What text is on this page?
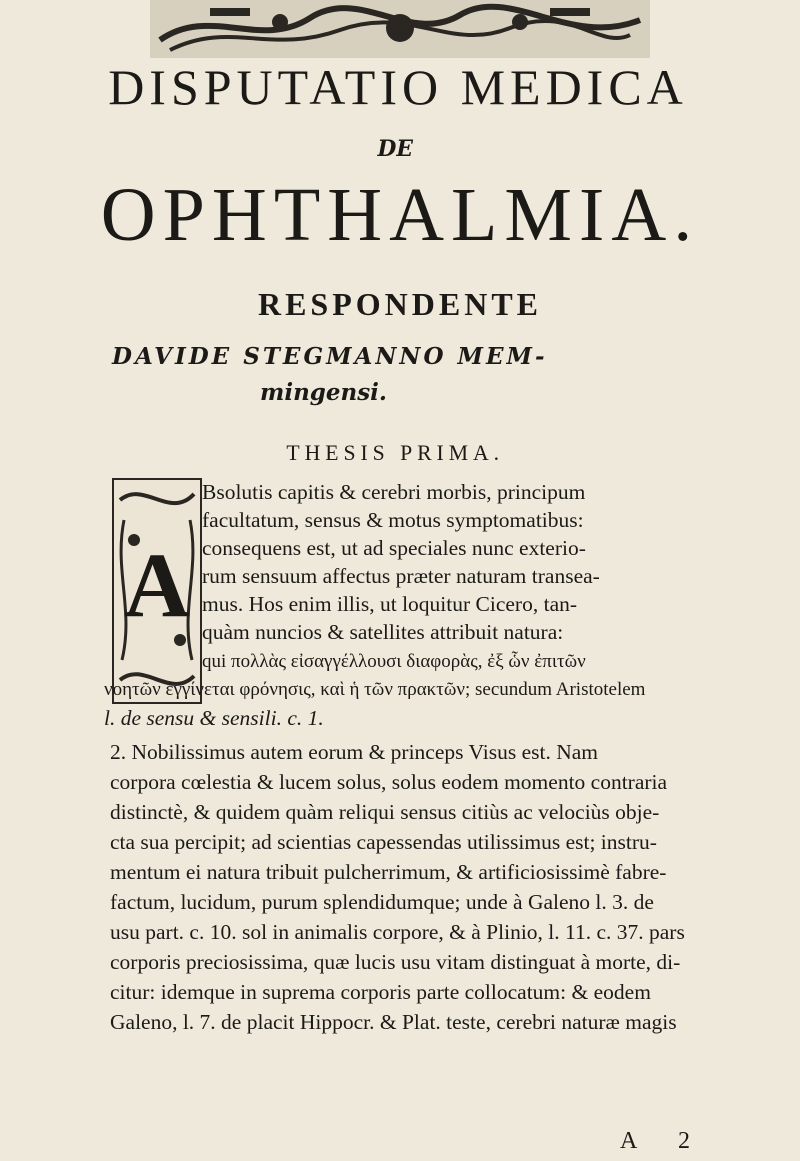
DISPUTATIO MEDICA
DE
OPHTHALMIA.
RESPONDENTE
DAVIDE STEGMANNO MEM-
mingensi.
THESIS PRIMA.
A
Bsolutis capitis & cerebri morbis, principum
facultatum, sensus & motus symptomatibus:
consequens est, ut ad speciales nunc exterio-
rum sensuum affectus præter naturam transea-
mus. Hos enim illis, ut loquitur Cicero, tan-
quàm nuncios & satellites attribuit natura:
qui πολλὰς εἰσαγγέλλουσι διαφορὰς, ἐξ ὧν ἐπιτῶν
νοητῶν ἐγγίνεται φρόνησις, καὶ ἡ τῶν πρακτῶν; secundum Aristotelem
l. de sensu & sensili. c. 1.
2. Nobilissimus autem eorum & princeps Visus est. Nam
corpora cœlestia & lucem solus, solus eodem momento contraria
distinctè, & quidem quàm reliqui sensus citiùs ac velociùs obje-
cta sua percipit; ad scientias capessendas utilissimus est; instru-
mentum ei natura tribuit pulcherrimum, & artificiosissimè fabre-
factum, lucidum, purum splendidumque; unde à Galeno l. 3. de
usu part. c. 10. sol in animalis corpore, & à Plinio, l. 11. c. 37. pars
corporis preciosissima, quæ lucis usu vitam distinguat à morte, di-
citur: idemque in suprema corporis parte collocatum: & eodem
Galeno, l. 7. de placit Hippocr. & Plat. teste, cerebri naturæ magis
A 2
